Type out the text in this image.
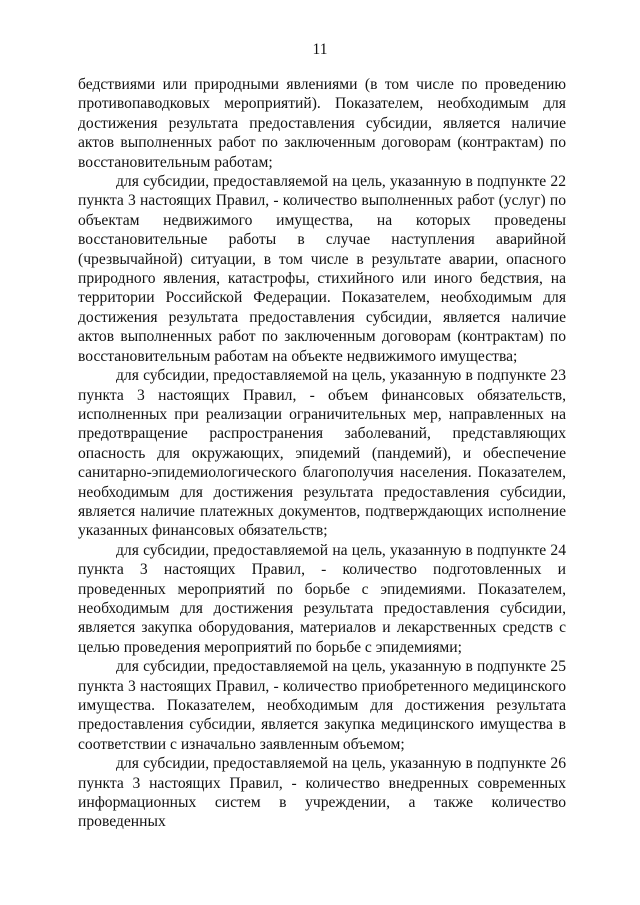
11

бедствиями или природными явлениями (в том числе по проведению противопаводковых мероприятий). Показателем, необходимым для достижения результата предоставления субсидии, является наличие актов выполненных работ по заключенным договорам (контрактам) по восстановительным работам;

для субсидии, предоставляемой на цель, указанную в подпункте 22 пункта 3 настоящих Правил, - количество выполненных работ (услуг) по объектам недвижимого имущества, на которых проведены восстановительные работы в случае наступления аварийной (чрезвычайной) ситуации, в том числе в результате аварии, опасного природного явления, катастрофы, стихийного или иного бедствия, на территории Российской Федерации. Показателем, необходимым для достижения результата предоставления субсидии, является наличие актов выполненных работ по заключенным договорам (контрактам) по восстановительным работам на объекте недвижимого имущества;

для субсидии, предоставляемой на цель, указанную в подпункте 23 пункта 3 настоящих Правил, - объем финансовых обязательств, исполненных при реализации ограничительных мер, направленных на предотвращение распространения заболеваний, представляющих опасность для окружающих, эпидемий (пандемий), и обеспечение санитарно-эпидемиологического благополучия населения. Показателем, необходимым для достижения результата предоставления субсидии, является наличие платежных документов, подтверждающих исполнение указанных финансовых обязательств;

для субсидии, предоставляемой на цель, указанную в подпункте 24 пункта 3 настоящих Правил, - количество подготовленных и проведенных мероприятий по борьбе с эпидемиями. Показателем, необходимым для достижения результата предоставления субсидии, является закупка оборудования, материалов и лекарственных средств с целью проведения мероприятий по борьбе с эпидемиями;

для субсидии, предоставляемой на цель, указанную в подпункте 25 пункта 3 настоящих Правил, - количество приобретенного медицинского имущества. Показателем, необходимым для достижения результата предоставления субсидии, является закупка медицинского имущества в соответствии с изначально заявленным объемом;

для субсидии, предоставляемой на цель, указанную в подпункте 26 пункта 3 настоящих Правил, - количество внедренных современных информационных систем в учреждении, а также количество проведенных
